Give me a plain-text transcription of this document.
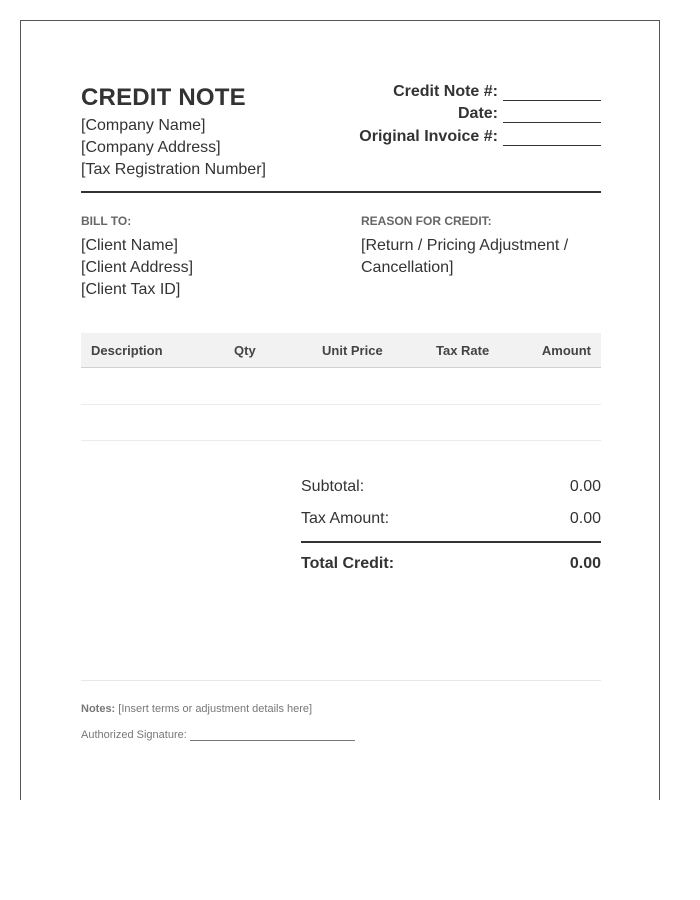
CREDIT NOTE
[Company Name]
[Company Address]
[Tax Registration Number]
Credit Note #:
Date:
Original Invoice #:
BILL TO:
[Client Name]
[Client Address]
[Client Tax ID]
REASON FOR CREDIT:
[Return / Pricing Adjustment /
Cancellation]
Description	Qty	Unit Price	Tax Rate	Amount
Subtotal:	0.00
Tax Amount:	0.00
Total Credit:	0.00
Notes: [Insert terms or adjustment details here]
Authorized Signature:
